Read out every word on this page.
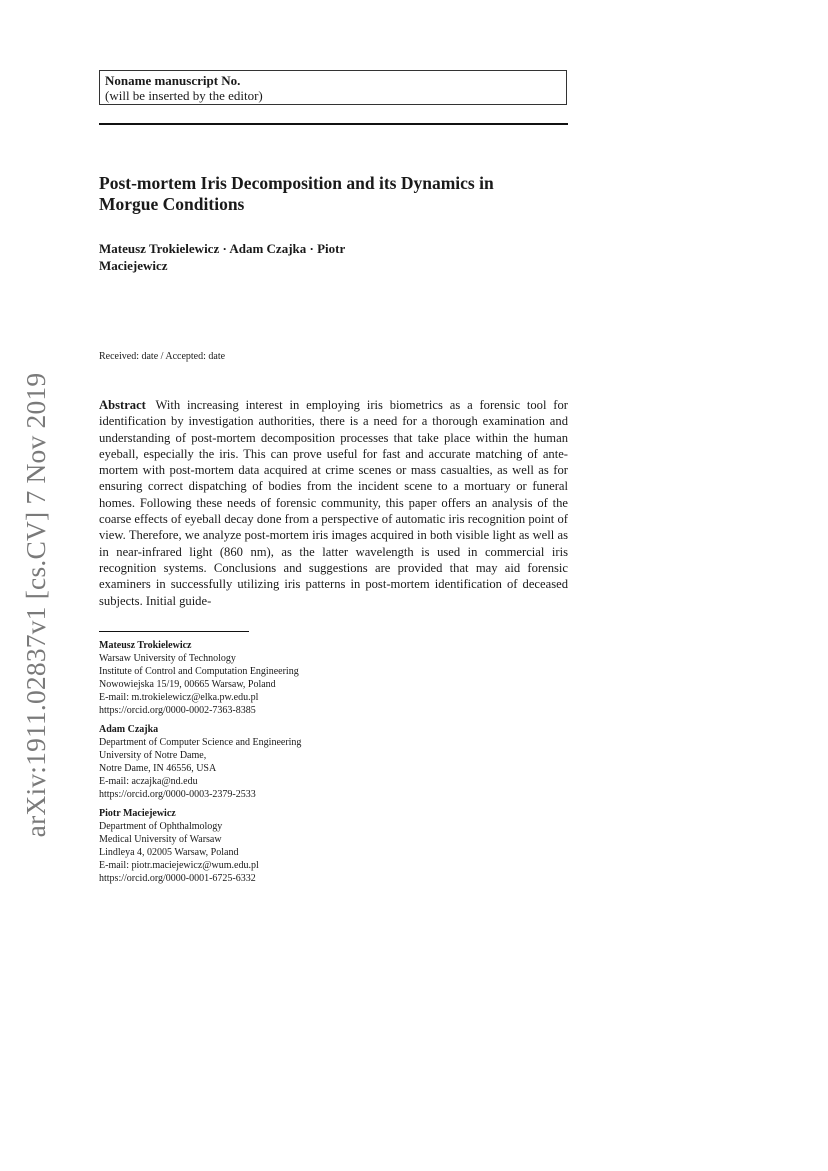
arXiv:1911.02837v1 [cs.CV] 7 Nov 2019
Noname manuscript No.
(will be inserted by the editor)
Post-mortem Iris Decomposition and its Dynamics in
Morgue Conditions
Mateusz Trokielewicz · Adam Czajka · Piotr
Maciejewicz
Received: date / Accepted: date

Abstract With increasing interest in employing iris biometrics as a forensic tool for identification by investigation authorities, there is a need for a thorough examination and understanding of post-mortem decomposition processes that take place within the human eyeball, especially the iris. This can prove useful for fast and accurate matching of ante-mortem with post-mortem data acquired at crime scenes or mass casualties, as well as for ensuring correct dispatching of bodies from the incident scene to a mortuary or funeral homes. Following these needs of forensic community, this paper offers an analysis of the coarse effects of eyeball decay done from a perspective of automatic iris recognition point of view. Therefore, we analyze post-mortem iris images acquired in both visible light as well as in near-infrared light (860 nm), as the latter wavelength is used in commercial iris recognition systems. Conclusions and suggestions are provided that may aid forensic examiners in successfully utilizing iris patterns in post-mortem identification of deceased subjects. Initial guide-

Mateusz Trokielewicz
Warsaw University of Technology
Institute of Control and Computation Engineering
Nowowiejska 15/19, 00665 Warsaw, Poland
E-mail: m.trokielewicz@elka.pw.edu.pl
https://orcid.org/0000-0002-7363-8385
Adam Czajka
Department of Computer Science and Engineering
University of Notre Dame,
Notre Dame, IN 46556, USA
E-mail: aczajka@nd.edu
https://orcid.org/0000-0003-2379-2533
Piotr Maciejewicz
Department of Ophthalmology
Medical University of Warsaw
Lindleya 4, 02005 Warsaw, Poland
E-mail: piotr.maciejewicz@wum.edu.pl
https://orcid.org/0000-0001-6725-6332
